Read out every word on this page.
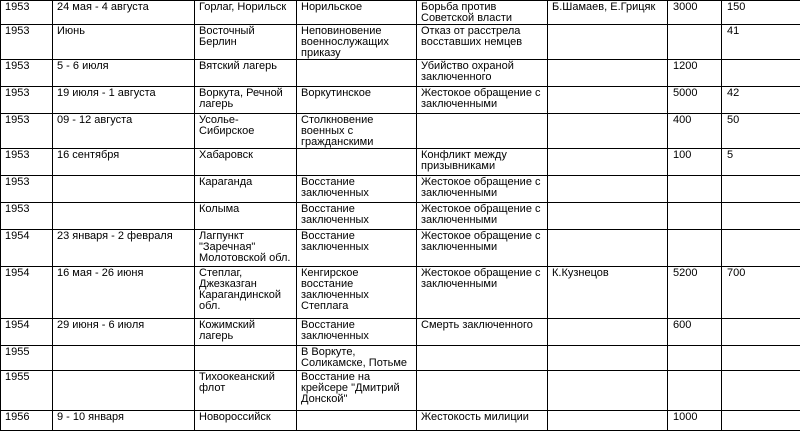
1953	24 мая - 4 августа	Горлаг, Норильск	Норильское	Борьба против
Советской власти	Б.Шамаев, Е.Грицяк	3000	150
1953	Июнь	Восточный
Берлин	Неповиновение
военнослужащих
приказу	Отказ от расстрела
восставших немцев			41
1953	5 - 6 июля	Вятский лагерь		Убийство охраной
заключенного		1200	
1953	19 июля - 1 августа	Воркута, Речной
лагерь	Воркутинское	Жестокое обращение с
заключенными		5000	42
1953	09 - 12 августа	Усолье-Сибирское	Столкновение
военных с
гражданскими			400	50
1953	16 сентября	Хабаровск		Конфликт между
призывниками		100	5
1953		Караганда	Восстание
заключенных	Жестокое обращение с
заключенными			
1953		Колыма	Восстание
заключенных	Жестокое обращение с
заключенными			
1954	23 января - 2 февраля	Лагпункт
"Заречная"
Молотовской обл.	Восстание
заключенных	Жестокое обращение с
заключенными			
1954	16 мая - 26 июня	Степлаг,
Джезказган
Карагандинской
обл.	Кенгирское
восстание
заключенных
Степлага	Жестокое обращение с
заключенными	К.Кузнецов	5200	700
1954	29 июня - 6 июля	Кожимский лагерь	Восстание
заключенных	Смерть заключенного		600	
1955			В Воркуте,
Соликамске, Потьме				
1955		Тихоокеанский
флот	Восстание на
крейсере "Дмитрий
Донской"				
1956	9 - 10 января	Новороссийск		Жестокость милиции		1000	
